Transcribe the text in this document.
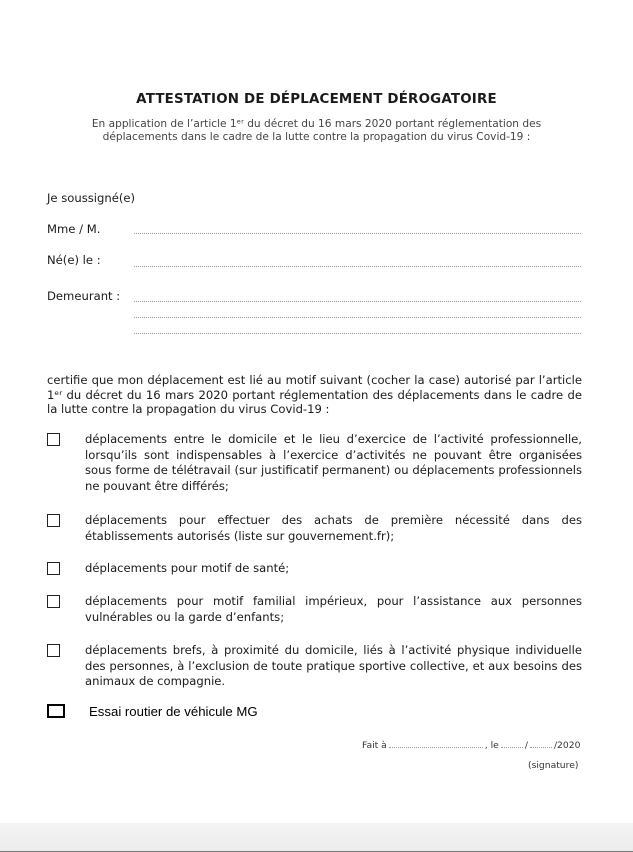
ATTESTATION DE DÉPLACEMENT DÉROGATOIRE
En application de l’article 1ᵉʳ du décret du 16 mars 2020 portant réglementation des
déplacements dans le cadre de la lutte contre la propagation du virus Covid-19 :
Je soussigné(e)
Mme / M.
Né(e) le :
Demeurant :
certifie que mon déplacement est lié au motif suivant (cocher la case) autorisé par l’article 1ᵉʳ du décret du 16 mars 2020 portant réglementation des déplacements dans le cadre de la lutte contre la propagation du virus Covid-19 :
déplacements entre le domicile et le lieu d’exercice de l’activité professionnelle, lorsqu’ils sont indispensables à l’exercice d’activités ne pouvant être organisées sous forme de télétravail (sur justificatif permanent) ou déplacements professionnels ne pouvant être différés;
déplacements pour effectuer des achats de première nécessité dans des établissements autorisés (liste sur gouvernement.fr);
déplacements pour motif de santé;
déplacements pour motif familial impérieux, pour l’assistance aux personnes vulnérables ou la garde d’enfants;
déplacements brefs, à proximité du domicile, liés à l’activité physique individuelle des personnes, à l’exclusion de toute pratique sportive collective, et aux besoins des animaux de compagnie.
Essai routier de véhicule MG
Fait à	, le	/	/2020
(signature)
